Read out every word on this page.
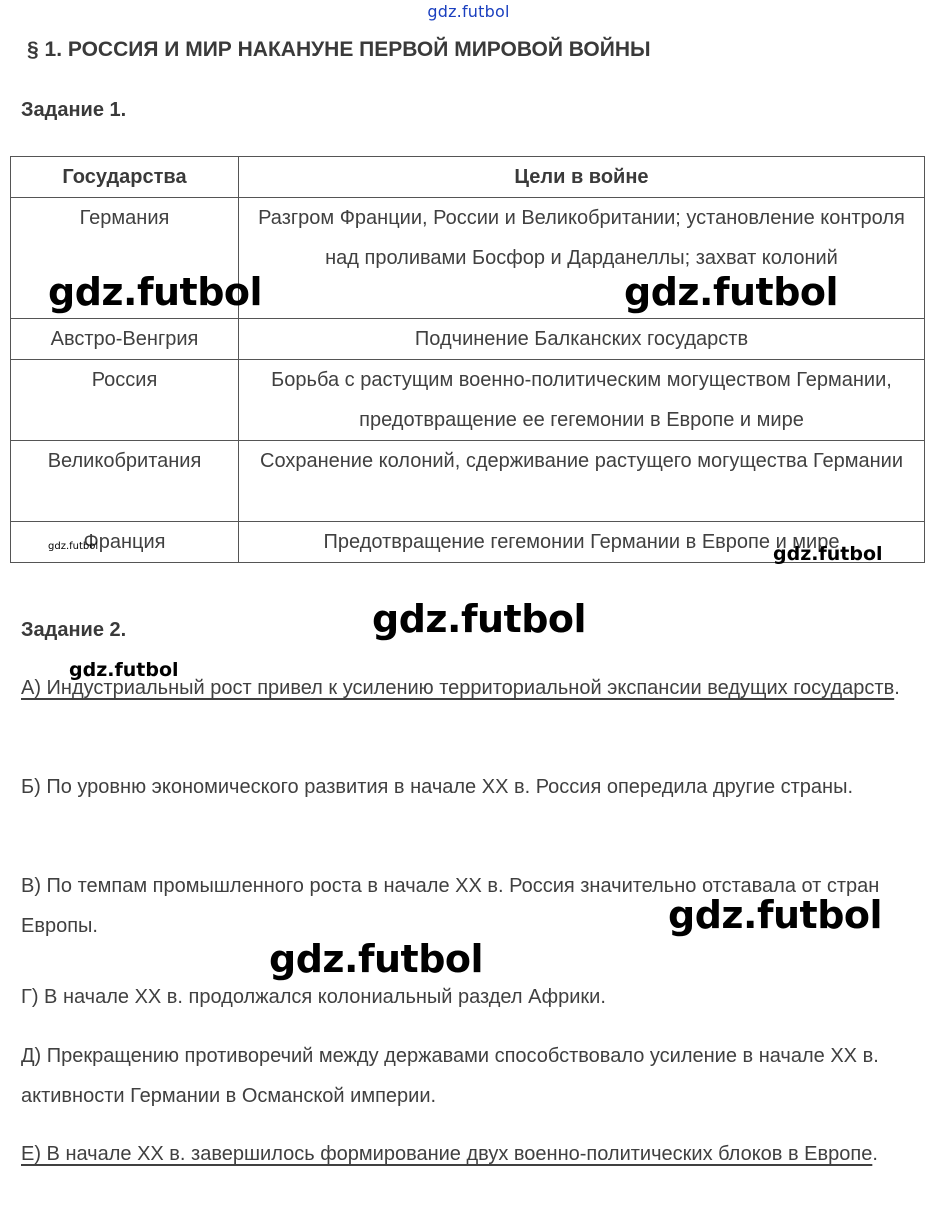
gdz.futbol
§ 1. РОССИЯ И МИР НАКАНУНЕ ПЕРВОЙ МИРОВОЙ ВОЙНЫ
Задание 1.
Государства	Цели в войне
Германия	Разгром Франции, России и Великобритании; установление контроля над проливами Босфор и Дарданеллы; захват колоний
Австро-Венгрия	Подчинение Балканских государств
Россия	Борьба с растущим военно-политическим могуществом Германии, предотвращение ее гегемонии в Европе и мире
Великобритания	Сохранение колоний, сдерживание растущего могущества Германии
Франция	Предотвращение гегемонии Германии в Европе и мире
Задание 2.

А) Индустриальный рост привел к усилению территориальной экспансии ведущих государств.

Б) По уровню экономического развития в начале ХХ в. Россия опередила другие страны.

В) По темпам промышленного роста в начале ХХ в. Россия значительно отставала от стран Европы.

Г) В начале ХХ в. продолжался колониальный раздел Африки.

Д) Прекращению противоречий между державами способствовало усиление в начале ХХ в. активности Германии в Османской империи.

Е) В начале ХХ в. завершилось формирование двух военно-политических блоков в Европе.

gdz.futbol	gdz.futbol
gdz.futbol	gdz.futbol
gdz.futbol
gdz.futbol
gdz.futbol
gdz.futbol
